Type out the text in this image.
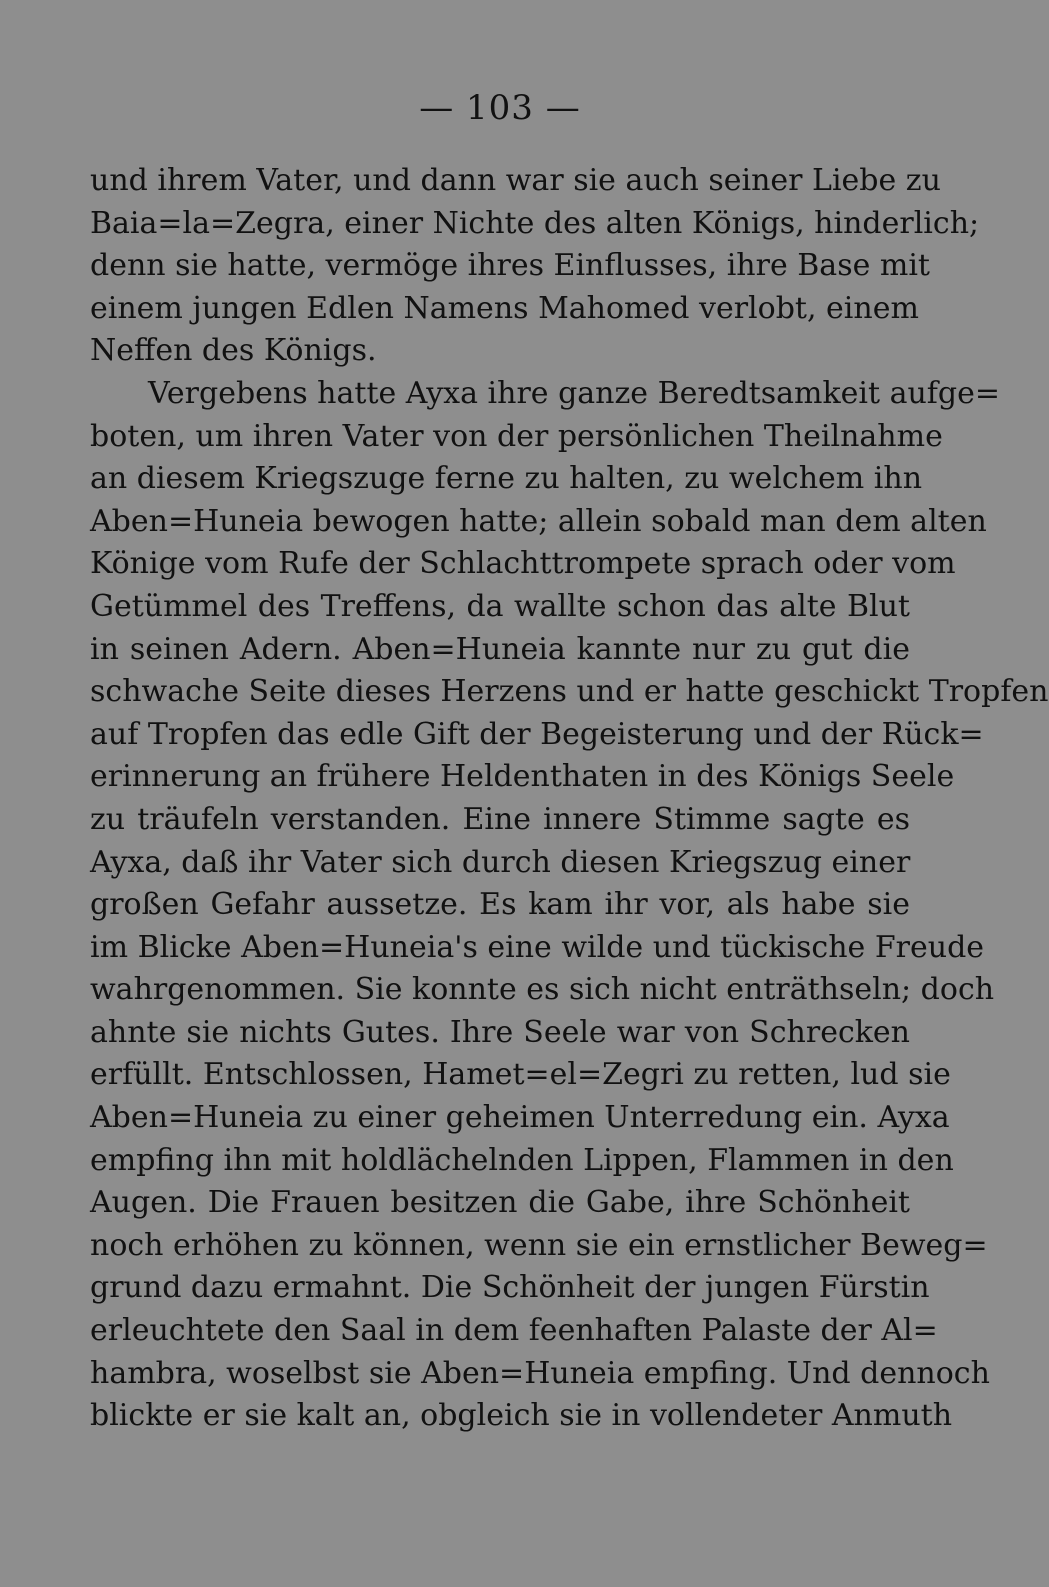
— 103 —
und ihrem Vater, und dann war sie auch seiner Liebe zu
Baia=la=Zegra, einer Nichte des alten Königs, hinderlich;
denn sie hatte, vermöge ihres Einflusses, ihre Base mit
einem jungen Edlen Namens Mahomed verlobt, einem
Neffen des Königs.
Vergebens hatte Ayxa ihre ganze Beredtsamkeit aufge=
boten, um ihren Vater von der persönlichen Theilnahme
an diesem Kriegszuge ferne zu halten, zu welchem ihn
Aben=Huneia bewogen hatte; allein sobald man dem alten
Könige vom Rufe der Schlachttrompete sprach oder vom
Getümmel des Treffens, da wallte schon das alte Blut
in seinen Adern. Aben=Huneia kannte nur zu gut die
schwache Seite dieses Herzens und er hatte geschickt Tropfen
auf Tropfen das edle Gift der Begeisterung und der Rück=
erinnerung an frühere Heldenthaten in des Königs Seele
zu träufeln verstanden. Eine innere Stimme sagte es
Ayxa, daß ihr Vater sich durch diesen Kriegszug einer
großen Gefahr aussetze. Es kam ihr vor, als habe sie
im Blicke Aben=Huneia's eine wilde und tückische Freude
wahrgenommen. Sie konnte es sich nicht enträthseln; doch
ahnte sie nichts Gutes. Ihre Seele war von Schrecken
erfüllt. Entschlossen, Hamet=el=Zegri zu retten, lud sie
Aben=Huneia zu einer geheimen Unterredung ein. Ayxa
empfing ihn mit holdlächelnden Lippen, Flammen in den
Augen. Die Frauen besitzen die Gabe, ihre Schönheit
noch erhöhen zu können, wenn sie ein ernstlicher Beweg=
grund dazu ermahnt. Die Schönheit der jungen Fürstin
erleuchtete den Saal in dem feenhaften Palaste der Al=
hambra, woselbst sie Aben=Huneia empfing. Und dennoch
blickte er sie kalt an, obgleich sie in vollendeter Anmuth
